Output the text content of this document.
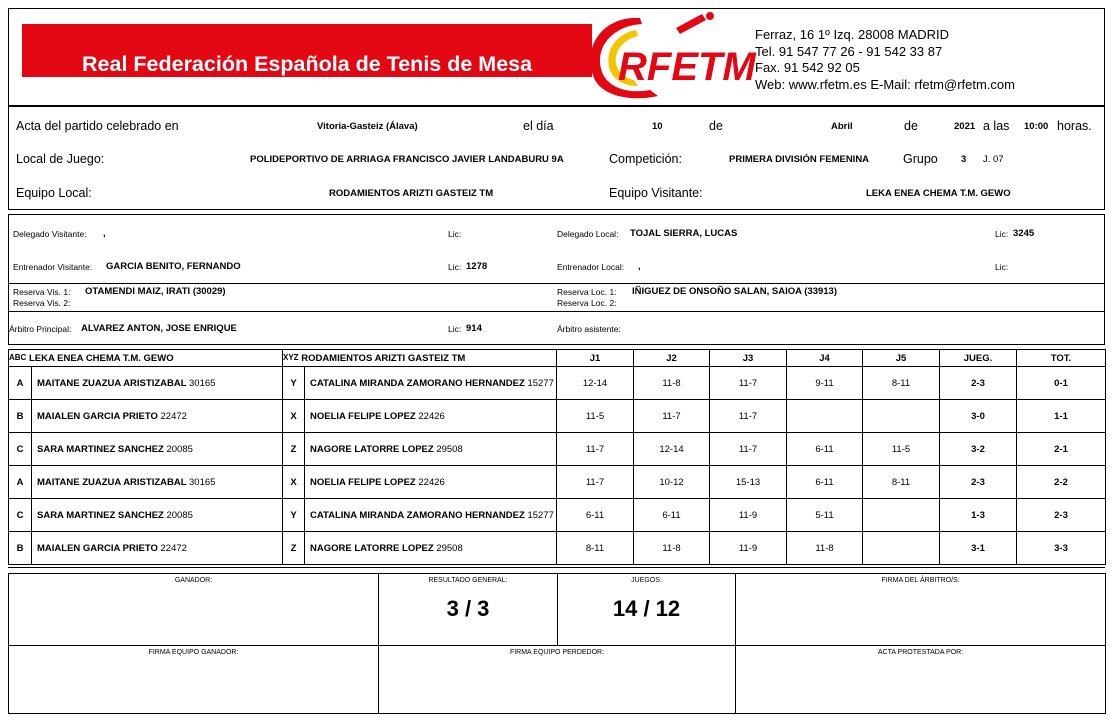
Real Federación Española de Tenis de Mesa RFETM
Ferraz, 16 1º Izq. 28008 MADRID
Tel. 91 547 77 26 - 91 542 33 87
Fax. 91 542 92 05
Web: www.rfetm.es E-Mail: rfetm@rfetm.com
Acta del partido celebrado en	Vitoria-Gasteiz (Álava)	el día	10	de	Abril	de	2021 a las 10:00 horas.
Local de Juego:	POLIDEPORTIVO DE ARRIAGA FRANCISCO JAVIER LANDABURU 9A	Competición:	PRIMERA DIVISIÓN FEMENINA	Grupo 3 J. 07
Equipo Local:	RODAMIENTOS ARIZTI GASTEIZ TM	Equipo Visitante:	LEKA ENEA CHEMA T.M. GEWO
Delegado Visitante: ,	Lic:	Delegado Local: TOJAL SIERRA, LUCAS	Lic: 3245
Entrenador Visitante: GARCIA BENITO, FERNANDO	Lic: 1278	Entrenador Local: ,	Lic:
Reserva Vis. 1: OTAMENDI MAIZ, IRATI (30029)
Reserva Vis. 2:
Reserva Loc. 1: IÑIGUEZ DE ONSOÑO SALAN, SAIOA (33913)
Reserva Loc. 2:
Árbitro Principal: ALVAREZ ANTON, JOSE ENRIQUE	Lic: 914	Árbitro asistente:
$^{ABC}$ LEKA ENEA CHEMA T.M. GEWO		$^{XYZ}$ RODAMIENTOS ARIZTI GASTEIZ TM		J1	J2	J3	J4	J5	JUEG.	TOT.
A	MAITANE ZUAZUA ARISTIZABAL 30165	Y	CATALINA MIRANDA ZAMORANO HERNANDEZ 15277	12-14	11-8	11-7	9-11	8-11	2-3	0-1
B	MAIALEN GARCIA PRIETO 22472	X	NOELIA FELIPE LOPEZ 22426	11-5	11-7	11-7			3-0	1-1
C	SARA MARTINEZ SANCHEZ 20085	Z	NAGORE LATORRE LOPEZ 29508	11-7	12-14	11-7	6-11	11-5	3-2	2-1
A	MAITANE ZUAZUA ARISTIZABAL 30165	X	NOELIA FELIPE LOPEZ 22426	11-7	10-12	15-13	6-11	8-11	2-3	2-2
C	SARA MARTINEZ SANCHEZ 20085	Y	CATALINA MIRANDA ZAMORANO HERNANDEZ 15277	6-11	6-11	11-9	5-11		1-3	2-3
B	MAIALEN GARCIA PRIETO 22472	Z	NAGORE LATORRE LOPEZ 29508	8-11	11-8	11-9	11-8		3-1	3-3
GANADOR:	RESULTADO GENERAL:
3 / 3	JUEGOS:
14 / 12	FIRMA DEL ÁRBITRO/S:

FIRMA EQUIPO GANADOR:	FIRMA EQUIPO PERDEDOR:		ACTA PROTESTADA POR:
